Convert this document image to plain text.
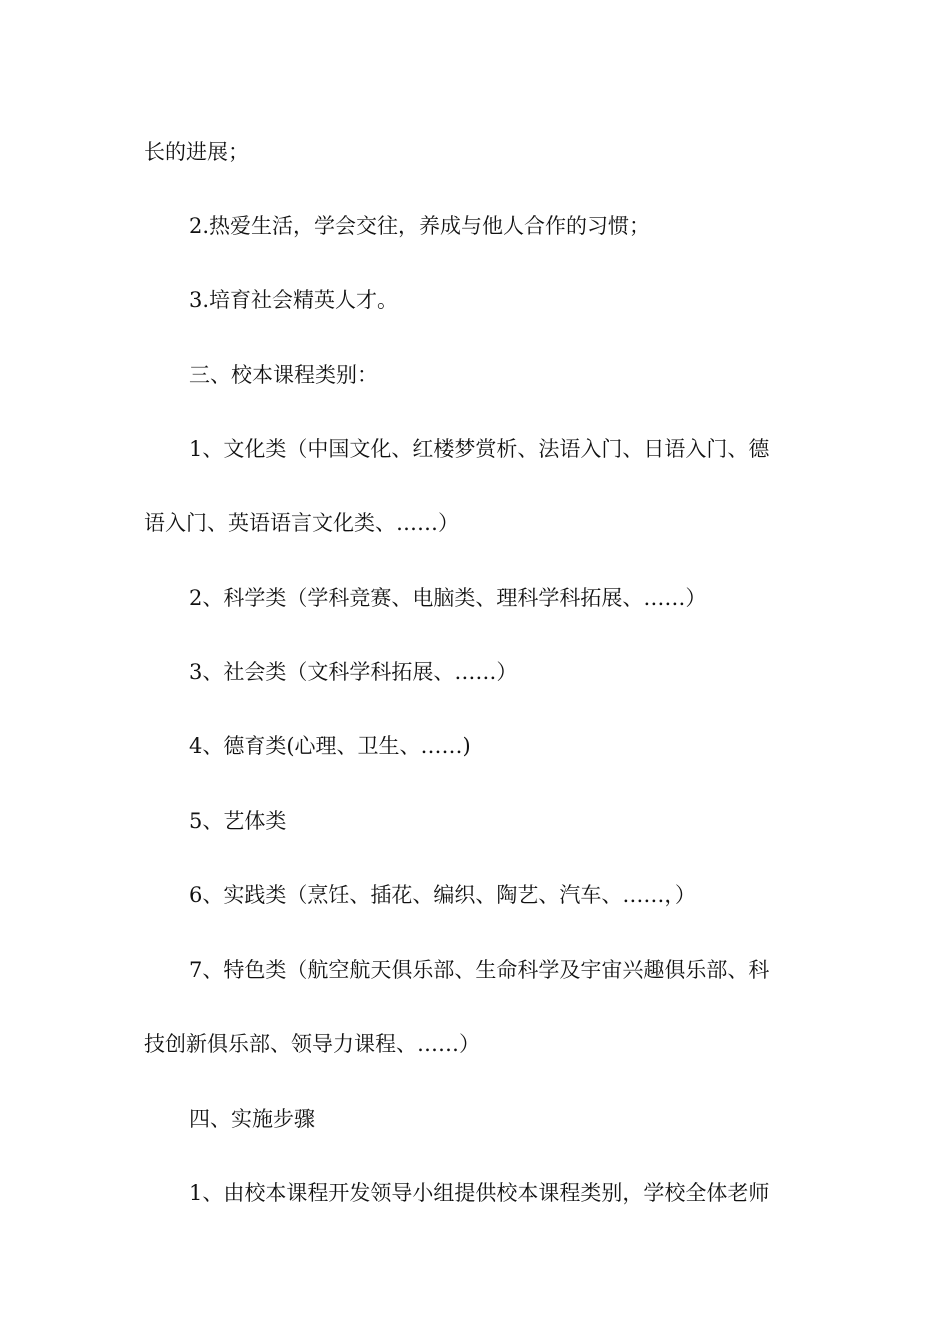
长的进展；
2.热爱生活，学会交往，养成与他人合作的习惯；
3.培育社会精英人才。
三、校本课程类别：
1、文化类（中国文化、红楼梦赏析、法语入门、日语入门、德
语入门、英语语言文化类、……）
2、科学类（学科竞赛、电脑类、理科学科拓展、……）
3、社会类（文科学科拓展、……）
4、德育类(心理、卫生、……)
5、艺体类
6、实践类（烹饪、插花、编织、陶艺、汽车、……，）
7、特色类（航空航天俱乐部、生命科学及宇宙兴趣俱乐部、科
技创新俱乐部、领导力课程、……）
四、实施步骤
1、由校本课程开发领导小组提供校本课程类别，学校全体老师
